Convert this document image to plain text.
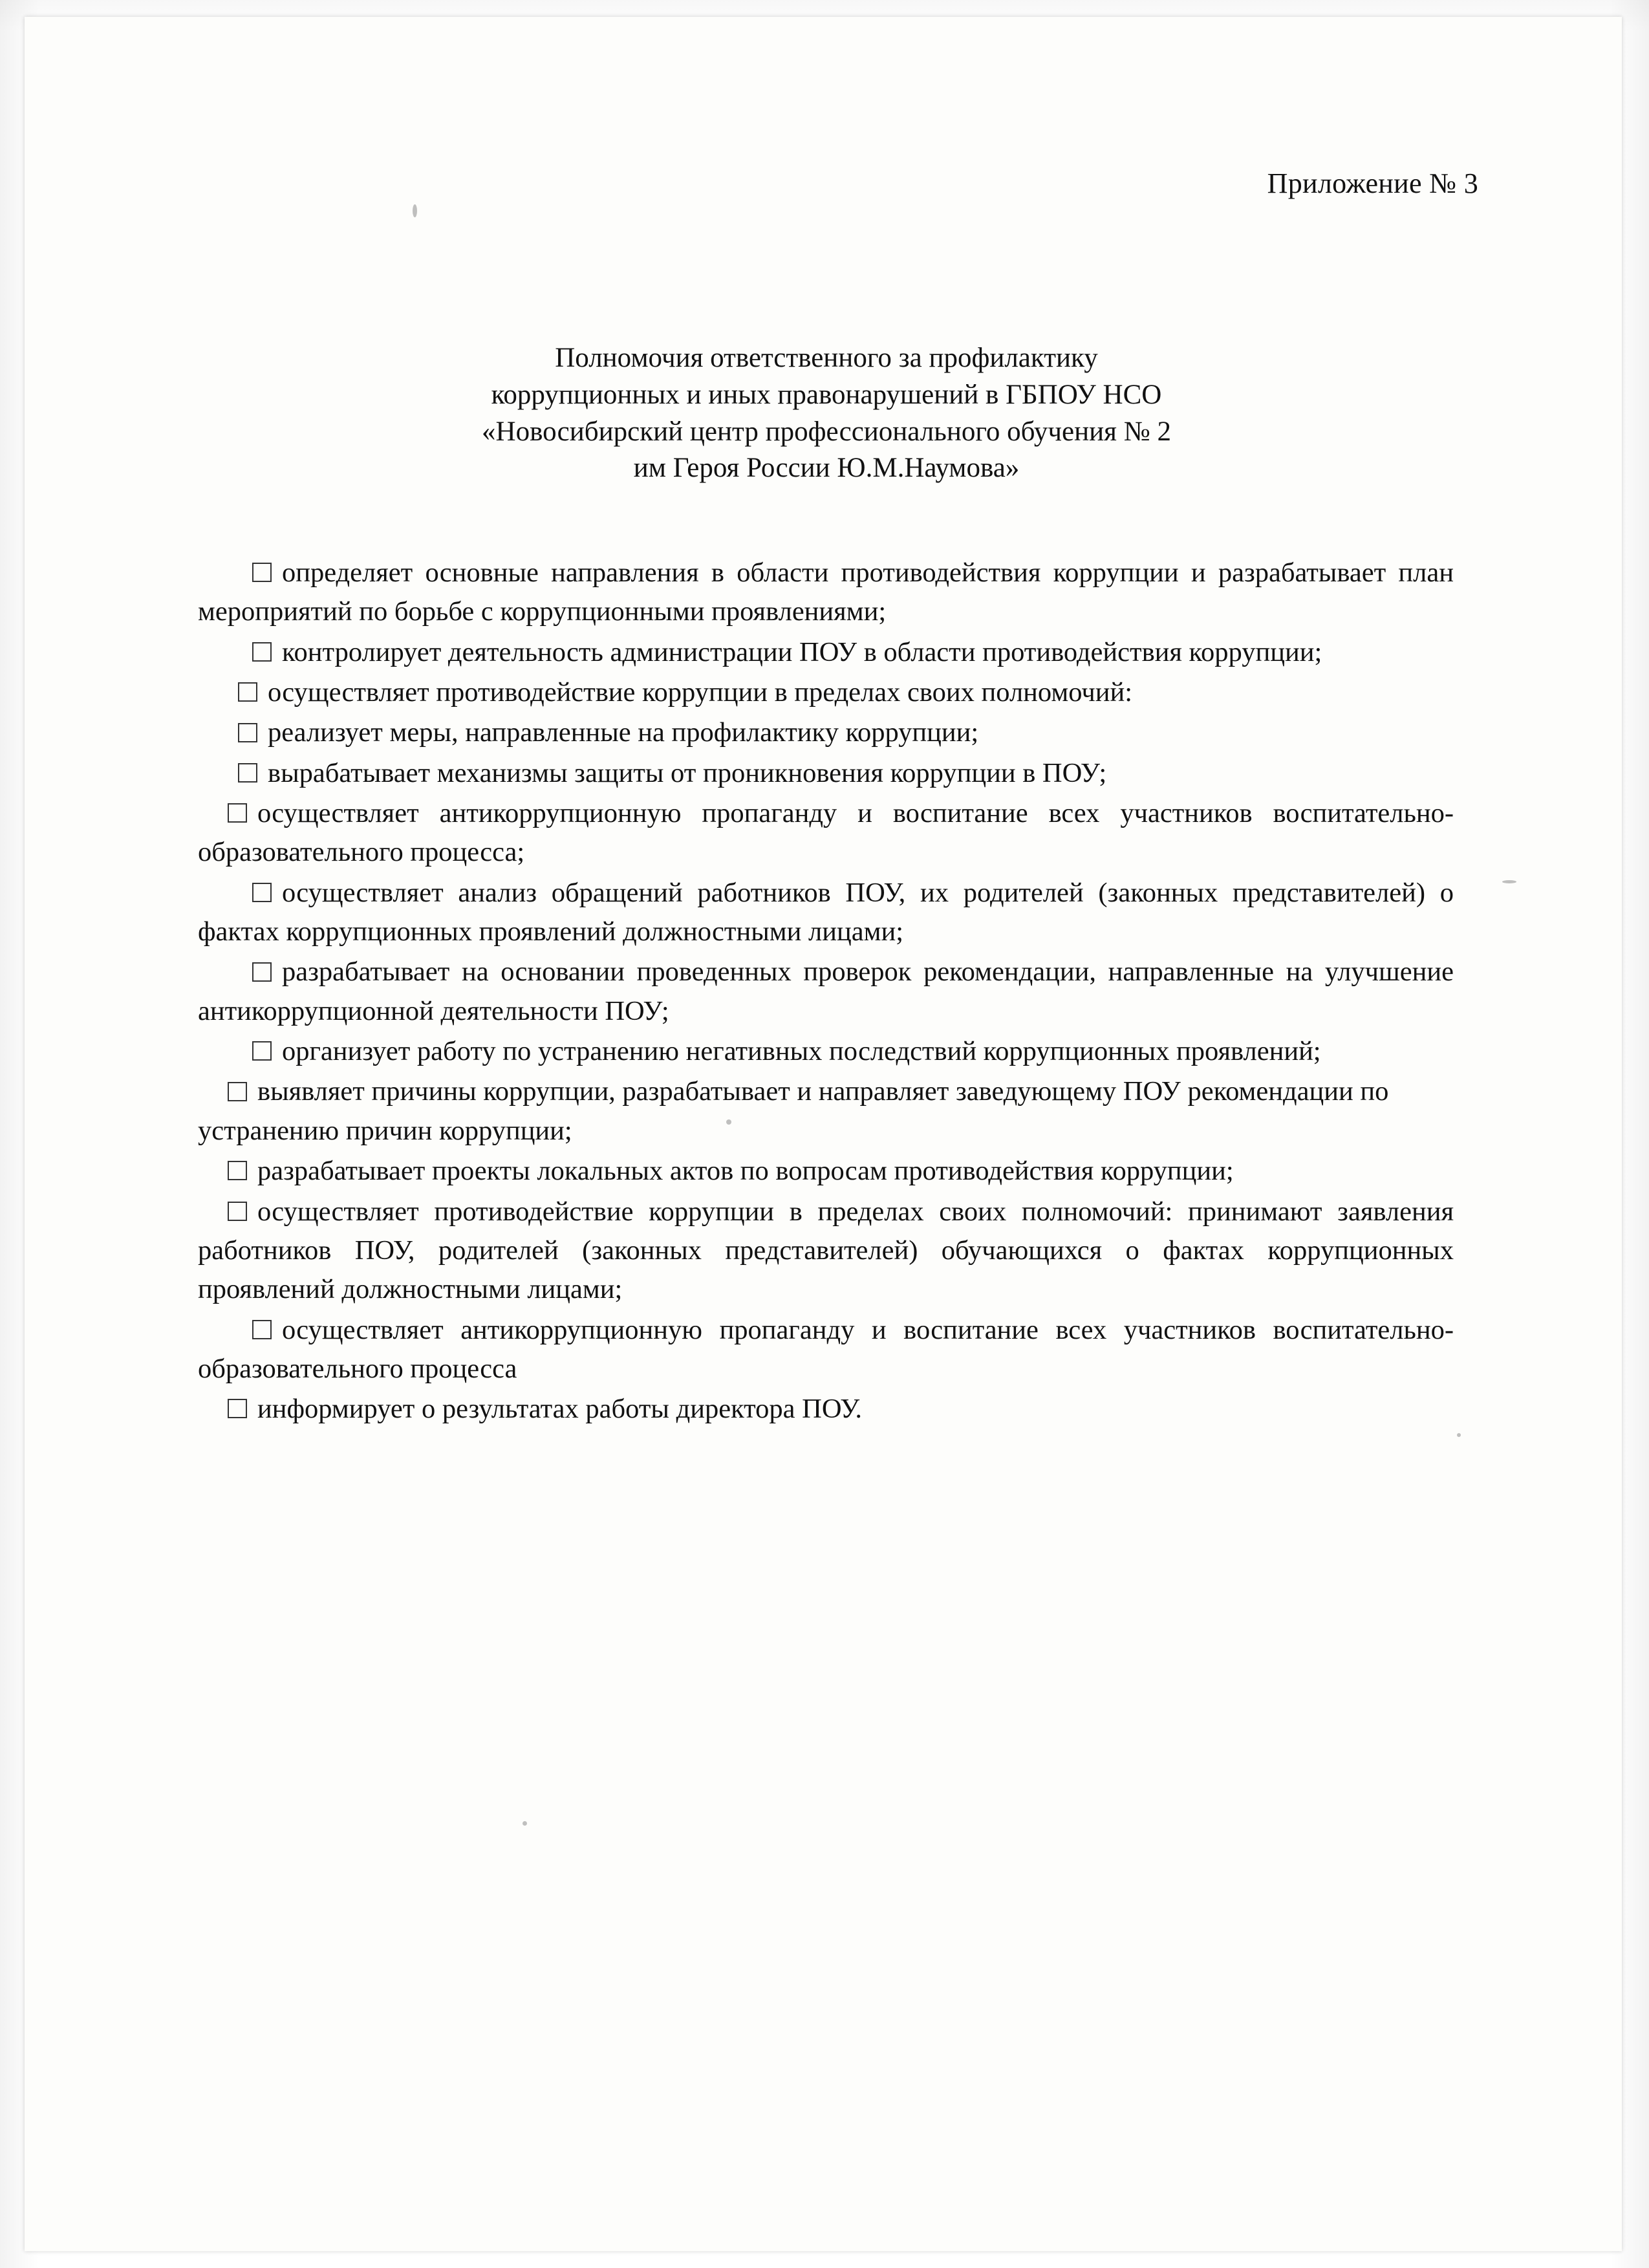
Приложение № 3
Полномочия ответственного за профилактику
коррупционных и иных правонарушений в ГБПОУ НСО
«Новосибирский центр профессионального обучения № 2
им Героя России Ю.М.Наумова»

определяет основные направления в области противодействия коррупции и разрабатывает план мероприятий по борьбе с коррупционными проявлениями;

контролирует деятельность администрации ПОУ в области противодействия коррупции;

осуществляет противодействие коррупции в пределах своих полномочий:

реализует меры, направленные на профилактику коррупции;

вырабатывает механизмы защиты от проникновения коррупции в ПОУ;

осуществляет антикоррупционную пропаганду и воспитание всех участников воспитательно-образовательного процесса;

осуществляет анализ обращений работников ПОУ, их родителей (законных представителей) о фактах коррупционных проявлений должностными лицами;

разрабатывает на основании проведенных проверок рекомендации, направленные на улучшение антикоррупционной деятельности ПОУ;

организует работу по устранению негативных последствий коррупционных проявлений;

выявляет причины коррупции, разрабатывает и направляет заведующему ПОУ рекомендации по устранению причин коррупции;

разрабатывает проекты локальных актов по вопросам противодействия коррупции;

осуществляет противодействие коррупции в пределах своих полномочий: принимают заявления работников ПОУ, родителей (законных представителей) обучающихся о фактах коррупционных проявлений должностными лицами;

осуществляет антикоррупционную пропаганду и воспитание всех участников воспитательно-образовательного процесса

информирует о результатах работы директора ПОУ.
